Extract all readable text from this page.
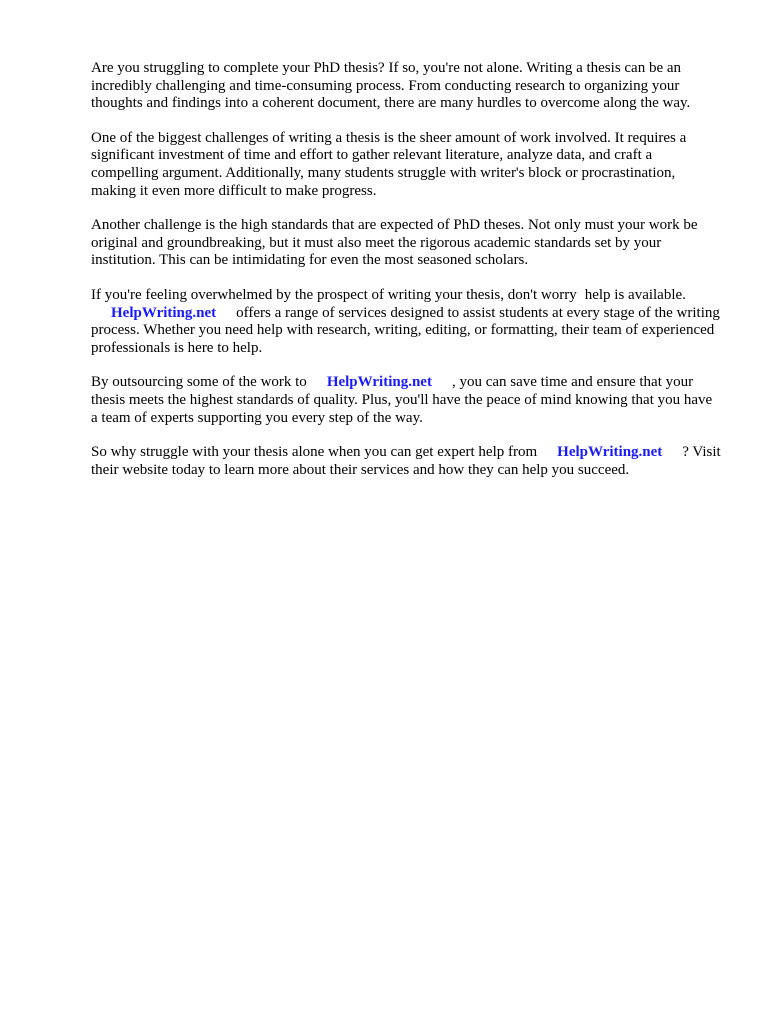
Are you struggling to complete your PhD thesis? If so, you're not alone. Writing a thesis can be an incredibly challenging and time-consuming process. From conducting research to organizing your thoughts and findings into a coherent document, there are many hurdles to overcome along the way.

One of the biggest challenges of writing a thesis is the sheer amount of work involved. It requires a significant investment of time and effort to gather relevant literature, analyze data, and craft a compelling argument. Additionally, many students struggle with writer's block or procrastination, making it even more difficult to make progress.

Another challenge is the high standards that are expected of PhD theses. Not only must your work be original and groundbreaking, but it must also meet the rigorous academic standards set by your institution. This can be intimidating for even the most seasoned scholars.

If you're feeling overwhelmed by the prospect of writing your thesis, don't worry help is available. HelpWriting.net offers a range of services designed to assist students at every stage of the writing process. Whether you need help with research, writing, editing, or formatting, their team of experienced professionals is here to help.

By outsourcing some of the work to HelpWriting.net , you can save time and ensure that your thesis meets the highest standards of quality. Plus, you'll have the peace of mind knowing that you have a team of experts supporting you every step of the way.

So why struggle with your thesis alone when you can get expert help from HelpWriting.net ? Visit their website today to learn more about their services and how they can help you succeed.
